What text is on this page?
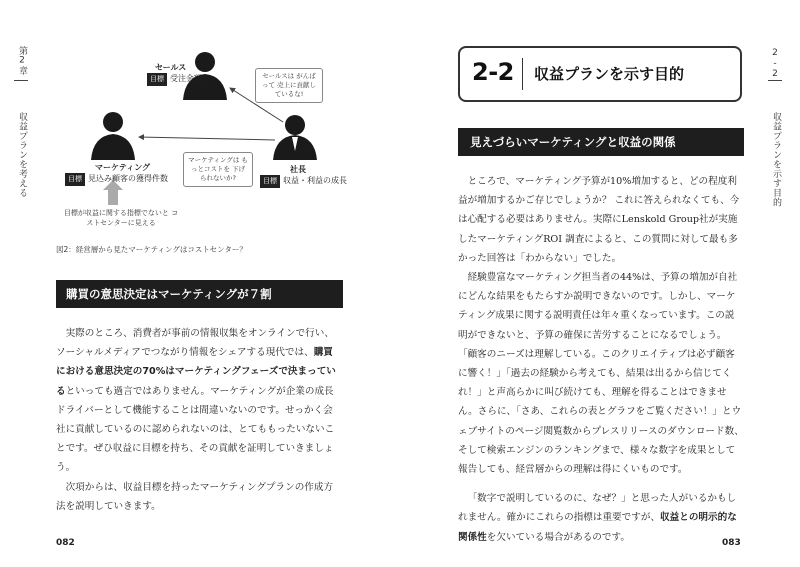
第2章
収益プランを考える
セールス
目標 受注金額	セールスは がんばって 売上に貢献しているな!
マーケティング
目標 見込み顧客の獲得件数
マーケティングは もっとコストを 下げられないか?
社長
目標 収益・利益の成長
目標が収益に関する指標でないと コストセンターに見える
図2：経営層から見たマーケティングはコストセンター？
購買の意思決定はマーケティングが７割

実際のところ、消費者が事前の情報収集をオンラインで行い、ソーシャルメディアでつながり情報をシェアする現代では、購買における意思決定の70%はマーケティングフェーズで決まっているといっても過言ではありません。マーケティングが企業の成長ドライバーとして機能することは間違いないのです。せっかく会社に貢献しているのに認められないのは、とてももったいないことです。ぜひ収益に目標を持ち、その貢献を証明していきましょう。

次項からは、収益目標を持ったマーケティングプランの作成方法を説明していきます。

082
2-2 収益プランを示す目的
見えづらいマーケティングと収益の関係

ところで、マーケティング予算が10%増加すると、どの程度利益が増加するかご存じでしょうか？ これに答えられなくても、今は心配する必要はありません。実際にLenskold Group社が実施したマーケティングROI 調査によると、この質問に対して最も多かった回答は「わからない」でした。

経験豊富なマーケティング担当者の44%は、予算の増加が自社にどんな結果をもたらすか説明できないのです。しかし、マーケティング成果に関する説明責任は年々重くなっています。この説明ができないと、予算の確保に苦労することになるでしょう。

「顧客のニーズは理解している。このクリエイティブは必ず顧客に響く！」「過去の経験から考えても、結果は出るから信じてくれ！」と声高らかに叫び続けても、理解を得ることはできません。さらに、「さあ、これらの表とグラフをご覧ください！」とウェブサイトのページ閲覧数からプレスリリースのダウンロード数、そして検索エンジンのランキングまで、様々な数字を成果として報告しても、経営層からの理解は得にくいものです。

「数字で説明しているのに、なぜ？」と思った人がいるかもしれません。確かにこれらの指標は重要ですが、収益との明示的な関係性を欠いている場合があるのです。

083
2-2
収益プランを示す目的
